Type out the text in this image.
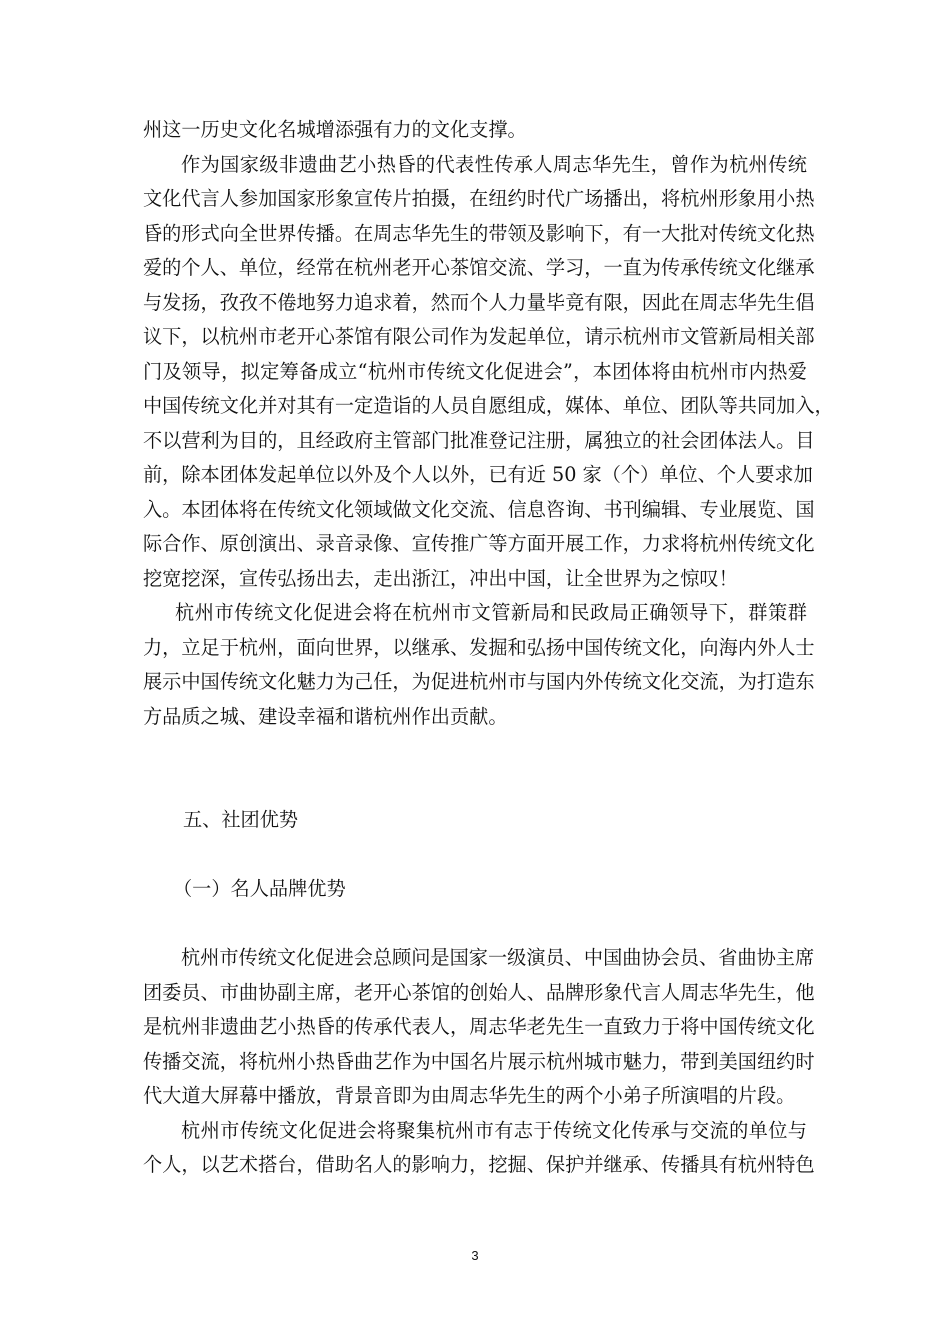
州这一历史文化名城增添强有力的文化支撑。
作为国家级非遗曲艺小热昏的代表性传承人周志华先生，曾作为杭州传统
文化代言人参加国家形象宣传片拍摄，在纽约时代广场播出，将杭州形象用小热
昏的形式向全世界传播。在周志华先生的带领及影响下，有一大批对传统文化热
爱的个人、单位，经常在杭州老开心茶馆交流、学习，一直为传承传统文化继承
与发扬，孜孜不倦地努力追求着，然而个人力量毕竟有限，因此在周志华先生倡
议下，以杭州市老开心茶馆有限公司作为发起单位，请示杭州市文管新局相关部
门及领导，拟定筹备成立“杭州市传统文化促进会”，本团体将由杭州市内热爱
中国传统文化并对其有一定造诣的人员自愿组成，媒体、单位、团队等共同加入，
不以营利为目的，且经政府主管部门批准登记注册，属独立的社会团体法人。目
前，除本团体发起单位以外及个人以外，已有近 50 家（个）单位、个人要求加
入。本团体将在传统文化领域做文化交流、信息咨询、书刊编辑、专业展览、国
际合作、原创演出、录音录像、宣传推广等方面开展工作，力求将杭州传统文化
挖宽挖深，宣传弘扬出去，走出浙江，冲出中国，让全世界为之惊叹！
杭州市传统文化促进会将在杭州市文管新局和民政局正确领导下，群策群
力，立足于杭州，面向世界，以继承、发掘和弘扬中国传统文化，向海内外人士
展示中国传统文化魅力为己任，为促进杭州市与国内外传统文化交流，为打造东
方品质之城、建设幸福和谐杭州作出贡献。
五、社团优势
（一）名人品牌优势
杭州市传统文化促进会总顾问是国家一级演员、中国曲协会员、省曲协主席
团委员、市曲协副主席，老开心茶馆的创始人、品牌形象代言人周志华先生，他
是杭州非遗曲艺小热昏的传承代表人，周志华老先生一直致力于将中国传统文化
传播交流，将杭州小热昏曲艺作为中国名片展示杭州城市魅力，带到美国纽约时
代大道大屏幕中播放，背景音即为由周志华先生的两个小弟子所演唱的片段。
杭州市传统文化促进会将聚集杭州市有志于传统文化传承与交流的单位与
个人，以艺术搭台，借助名人的影响力，挖掘、保护并继承、传播具有杭州特色
3
